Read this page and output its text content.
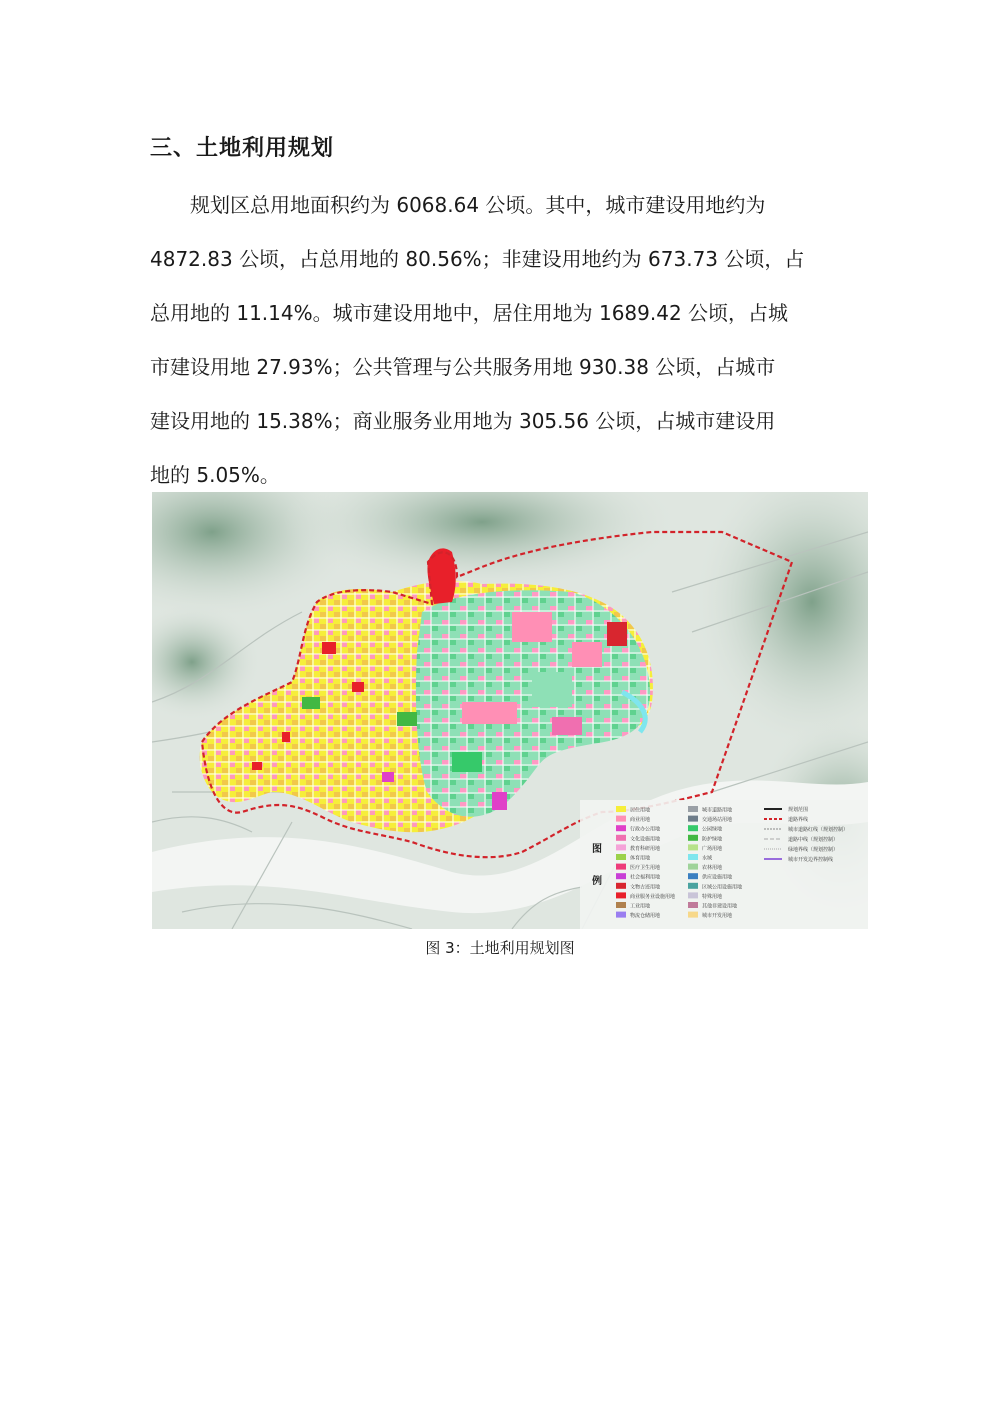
三、土地利用规划

　　规划区总用地面积约为 6068.64 公顷。其中，城市建设用地约为
4872.83 公顷，占总用地的 80.56%；非建设用地约为 673.73 公顷，占
总用地的 11.14%。城市建设用地中，居住用地为 1689.42 公顷，占城
市建设用地 27.93%；公共管理与公共服务用地 930.38 公顷，占城市
建设用地的 15.38%；商业服务业用地为 305.56 公顷，占城市建设用
地的 5.05%。

图
例
居住用地
商业用地
行政办公用地
文化设施用地
教育科研用地
体育用地
医疗卫生用地
社会福利用地
文物古迹用地
商业服务业设施用地
工业用地
物流仓储用地
城市道路用地
交通场站用地
公园绿地
防护绿地
广场用地
水域
农林用地
供应设施用地
区域公用设施用地
特殊用地
其他非建设用地
城市开发用地
规划范围
道路界线
城市道路红线（规划控制）
道路中线（规划控制）
绿地界线（规划控制）
城市开发边界控制线
图 3：土地利用规划图
